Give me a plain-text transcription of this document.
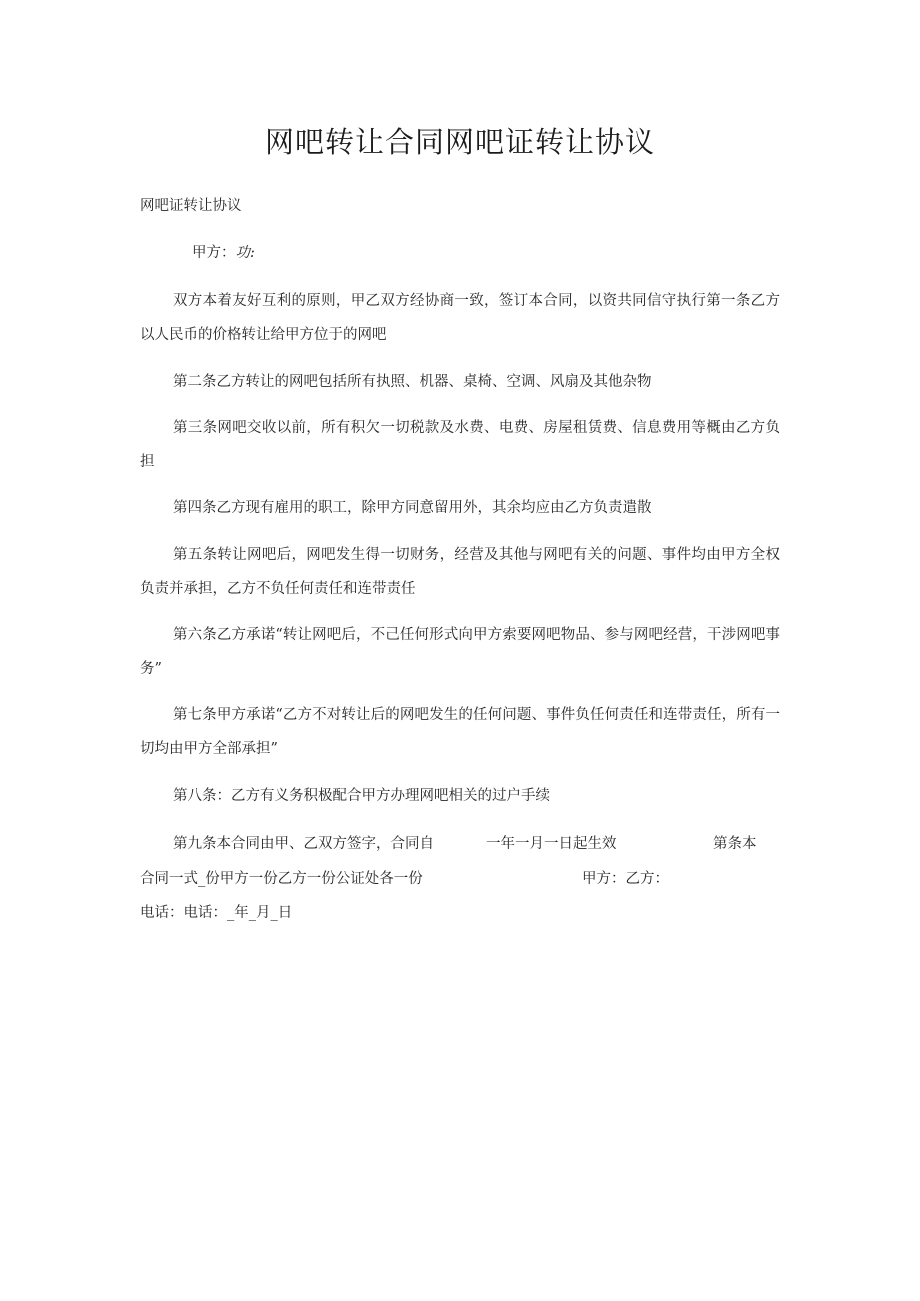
网吧转让合同网吧证转让协议
网吧证转让协议
甲方：功:
双方本着友好互利的原则，甲乙双方经协商一致，签订本合同，以资共同信守执行第一条乙方以人民币的价格转让给甲方位于的网吧
第二条乙方转让的网吧包括所有执照、机器、桌椅、空调、风扇及其他杂物
第三条网吧交收以前，所有积欠一切税款及水费、电费、房屋租赁费、信息费用等概由乙方负担
第四条乙方现有雇用的职工，除甲方同意留用外，其余均应由乙方负责遣散
第五条转让网吧后，网吧发生得一切财务，经营及其他与网吧有关的问题、事件均由甲方全权负责并承担，乙方不负任何责任和连带责任
第六条乙方承诺“转让网吧后，不己任何形式向甲方索要网吧物品、参与网吧经营，干涉网吧事务”
第七条甲方承诺“乙方不对转让后的网吧发生的任何问题、事件负任何责任和连带责任，所有一切均由甲方全部承担”
第八条：乙方有义务积极配合甲方办理网吧相关的过户手续
第九条本合同由甲、乙双方签字，合同自	一年一月一日起生效	第条本
合同一式_份甲方一份乙方一份公证处各一份	甲方：乙方：
电话：电话：_年_月_日
